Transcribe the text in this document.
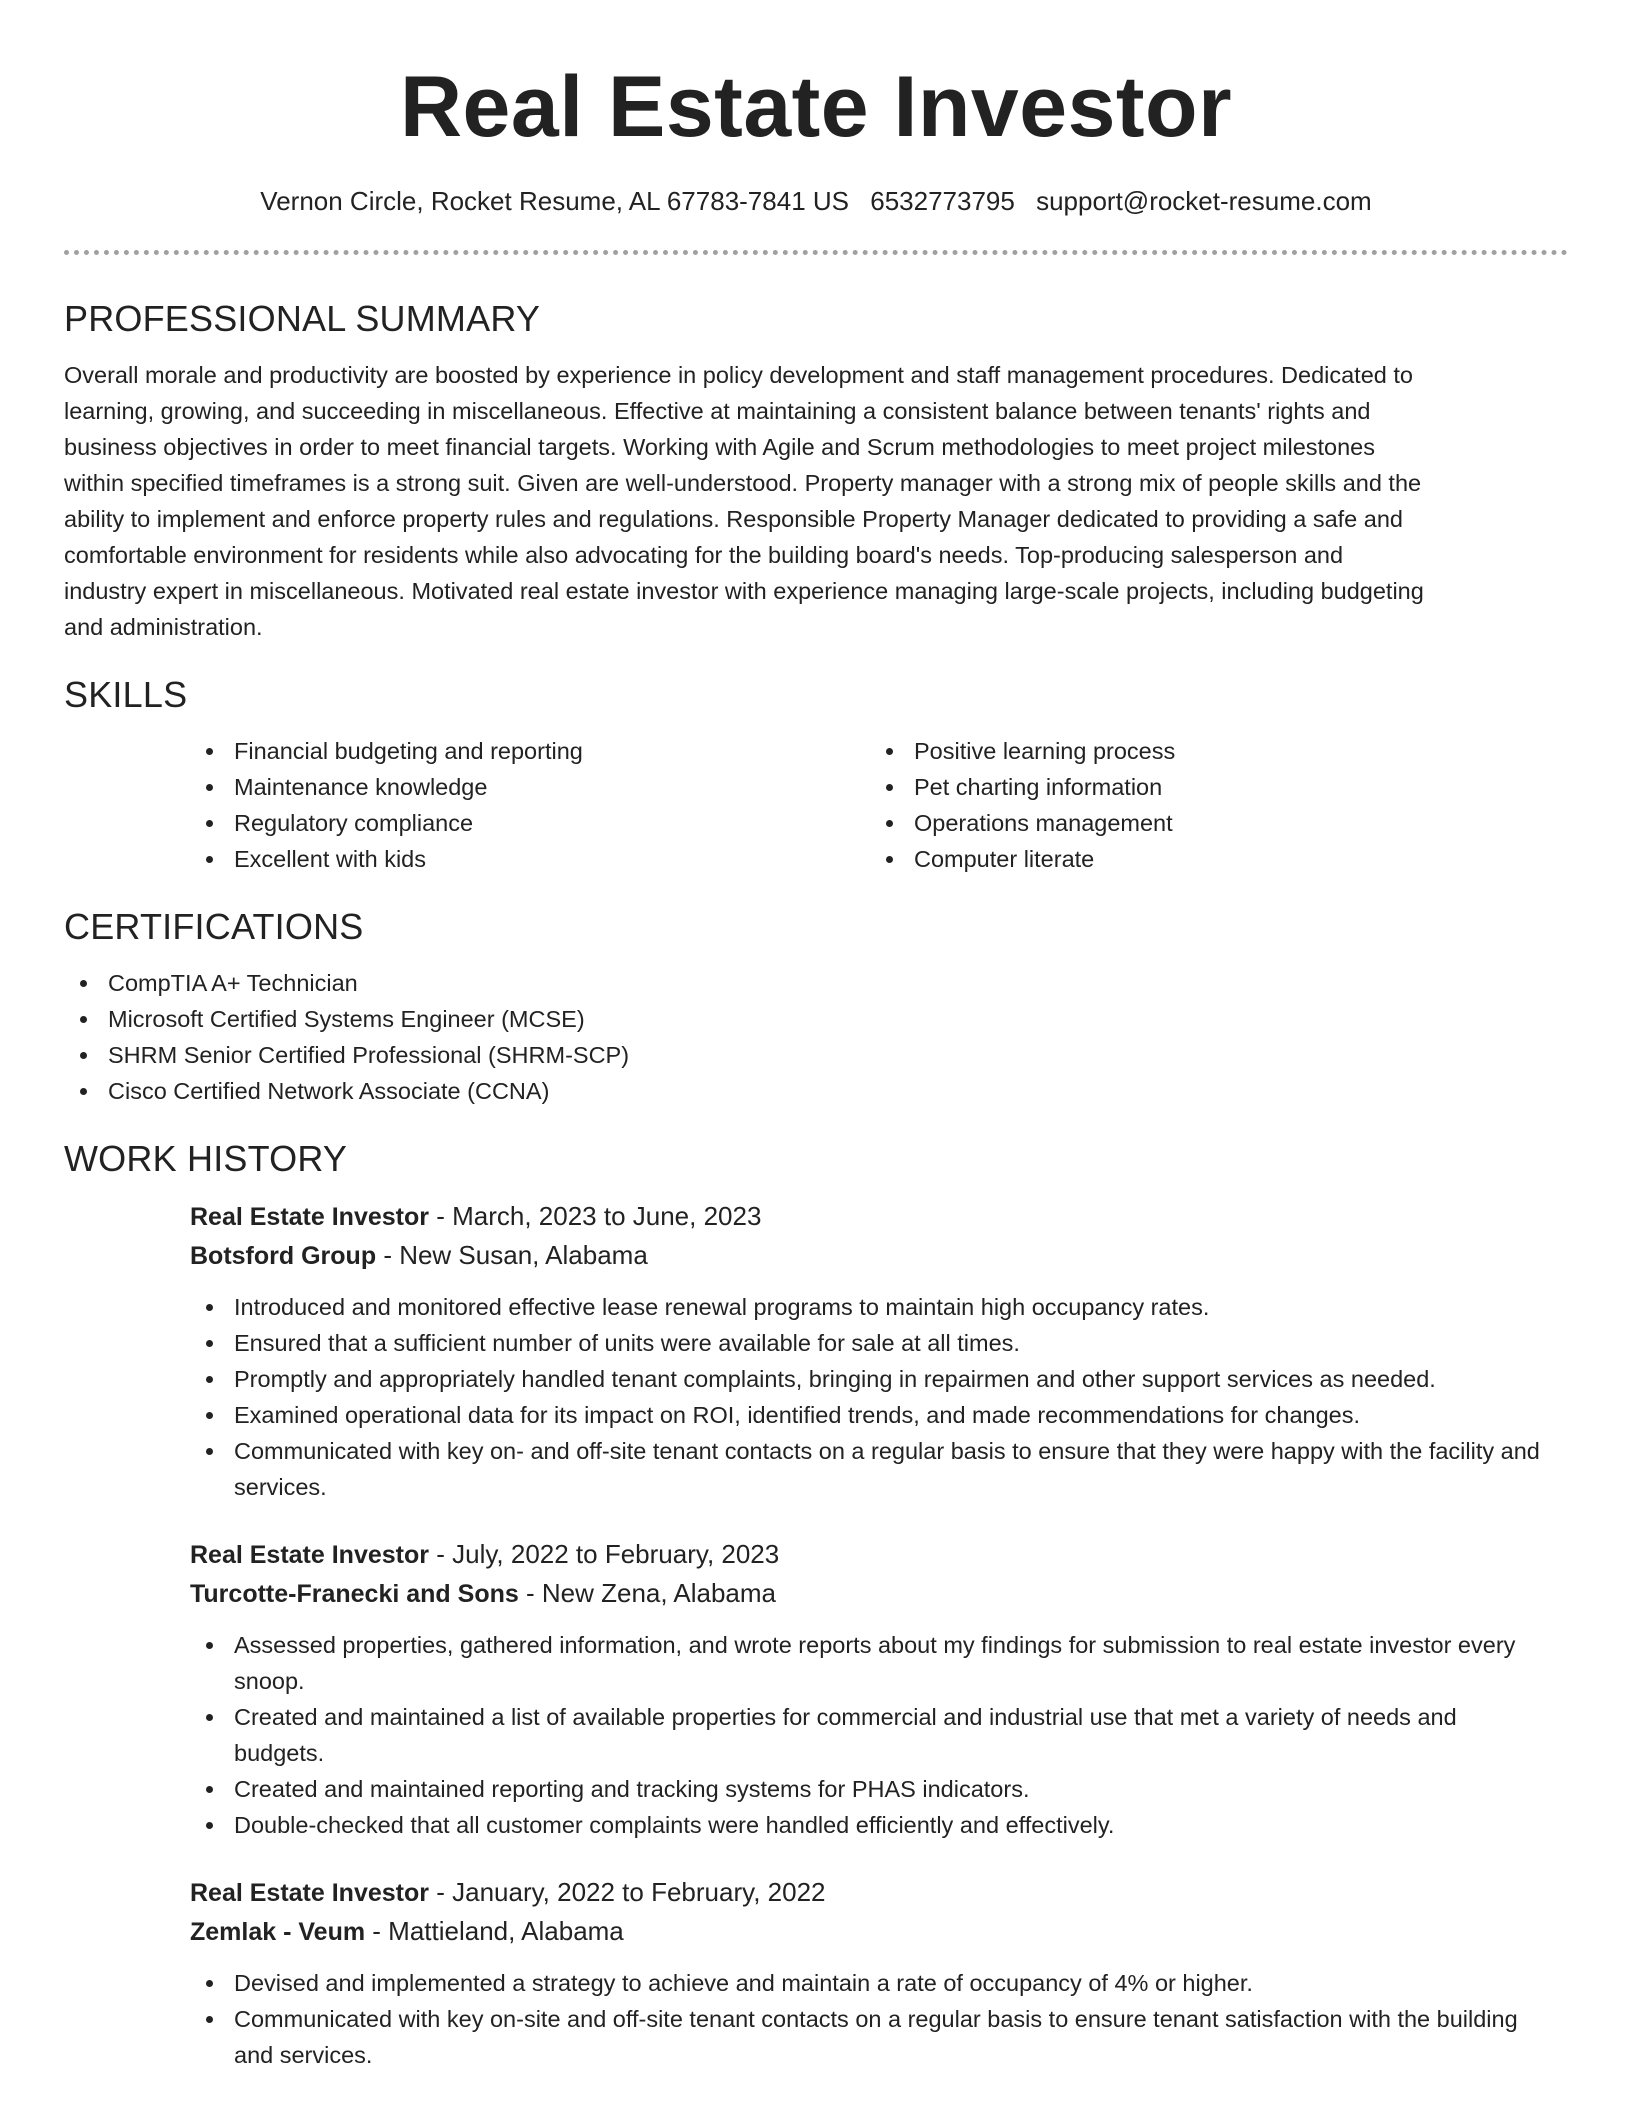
Real Estate Investor
Vernon Circle, Rocket Resume, AL 67783-7841 US 6532773795 support@rocket-resume.com
PROFESSIONAL SUMMARY

Overall morale and productivity are boosted by experience in policy development and staff management procedures. Dedicated to learning, growing, and succeeding in miscellaneous. Effective at maintaining a consistent balance between tenants' rights and business objectives in order to meet financial targets. Working with Agile and Scrum methodologies to meet project milestones within specified timeframes is a strong suit. Given are well-understood. Property manager with a strong mix of people skills and the ability to implement and enforce property rules and regulations. Responsible Property Manager dedicated to providing a safe and comfortable environment for residents while also advocating for the building board's needs. Top-producing salesperson and industry expert in miscellaneous. Motivated real estate investor with experience managing large-scale projects, including budgeting and administration.

SKILLS
Financial budgeting and reporting
Maintenance knowledge
Regulatory compliance
Excellent with kids
Positive learning process
Pet charting information
Operations management
Computer literate
CERTIFICATIONS
CompTIA A+ Technician
Microsoft Certified Systems Engineer (MCSE)
SHRM Senior Certified Professional (SHRM-SCP)
Cisco Certified Network Associate (CCNA)
WORK HISTORY
Real Estate Investor - March, 2023 to June, 2023
Botsford Group - New Susan, Alabama
Introduced and monitored effective lease renewal programs to maintain high occupancy rates.
Ensured that a sufficient number of units were available for sale at all times.
Promptly and appropriately handled tenant complaints, bringing in repairmen and other support services as needed.
Examined operational data for its impact on ROI, identified trends, and made recommendations for changes.
Communicated with key on- and off-site tenant contacts on a regular basis to ensure that they were happy with the facility and services.
Real Estate Investor - July, 2022 to February, 2023
Turcotte-Franecki and Sons - New Zena, Alabama
Assessed properties, gathered information, and wrote reports about my findings for submission to real estate investor every snoop.
Created and maintained a list of available properties for commercial and industrial use that met a variety of needs and budgets.
Created and maintained reporting and tracking systems for PHAS indicators.
Double-checked that all customer complaints were handled efficiently and effectively.
Real Estate Investor - January, 2022 to February, 2022
Zemlak - Veum - Mattieland, Alabama
Devised and implemented a strategy to achieve and maintain a rate of occupancy of 4% or higher.
Communicated with key on-site and off-site tenant contacts on a regular basis to ensure tenant satisfaction with the building and services.
